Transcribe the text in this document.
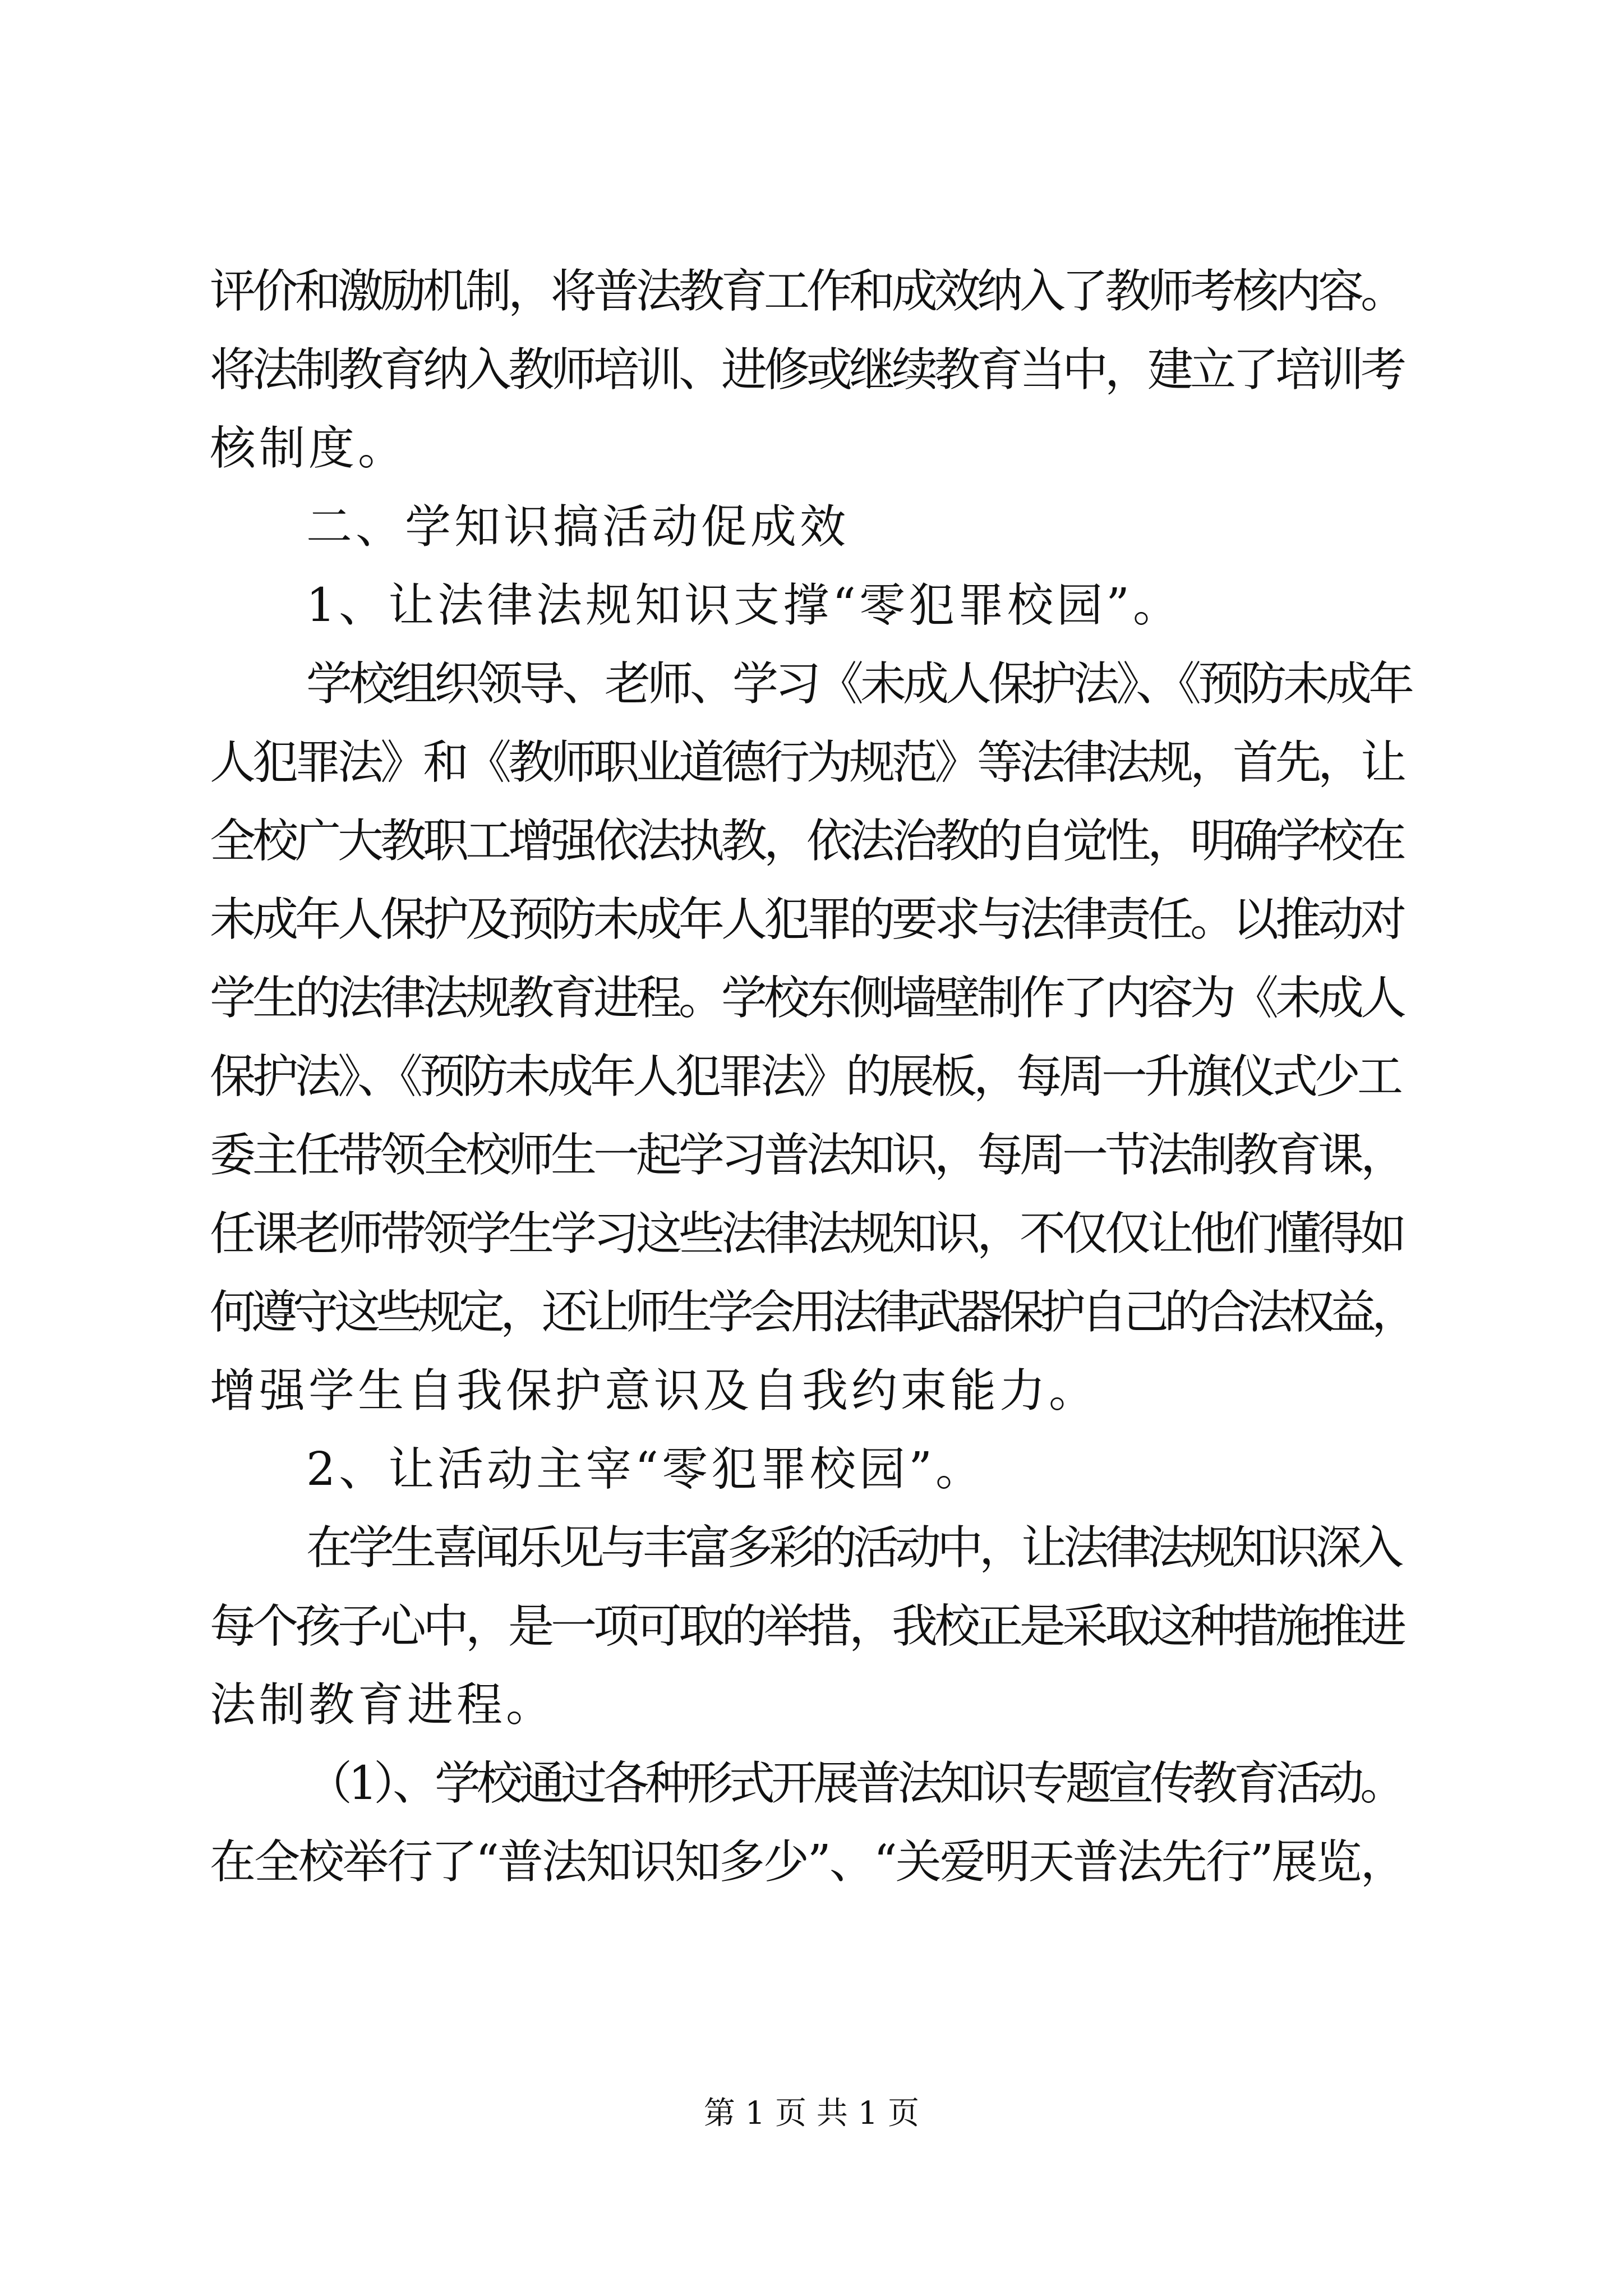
评价和激励机制，将普法教育工作和成效纳入了教师考核内容。
将法制教育纳入教师培训、进修或继续教育当中，建立了培训考
核制度。
二、学知识搞活动促成效
1、让法律法规知识支撑“零犯罪校园”。
学校组织领导、老师、学习《未成人保护法》、《预防未成年
人犯罪法》和《教师职业道德行为规范》等法律法规，首先，让
全校广大教职工增强依法执教，依法治教的自觉性，明确学校在
未成年人保护及预防未成年人犯罪的要求与法律责任。以推动对
学生的法律法规教育进程。学校东侧墙壁制作了内容为《未成人
保护法》、《预防未成年人犯罪法》的展板，每周一升旗仪式少工
委主任带领全校师生一起学习普法知识，每周一节法制教育课，
任课老师带领学生学习这些法律法规知识，不仅仅让他们懂得如
何遵守这些规定，还让师生学会用法律武器保护自己的合法权益，
增强学生自我保护意识及自我约束能力。
2、让活动主宰“零犯罪校园”。
在学生喜闻乐见与丰富多彩的活动中，让法律法规知识深入
每个孩子心中，是一项可取的举措，我校正是采取这种措施推进
法制教育进程。
（1）、学校通过各种形式开展普法知识专题宣传教育活动。
在全校举行了“普法知识知多少”、“关爱明天普法先行”展览，
第 1 页 共 1 页
